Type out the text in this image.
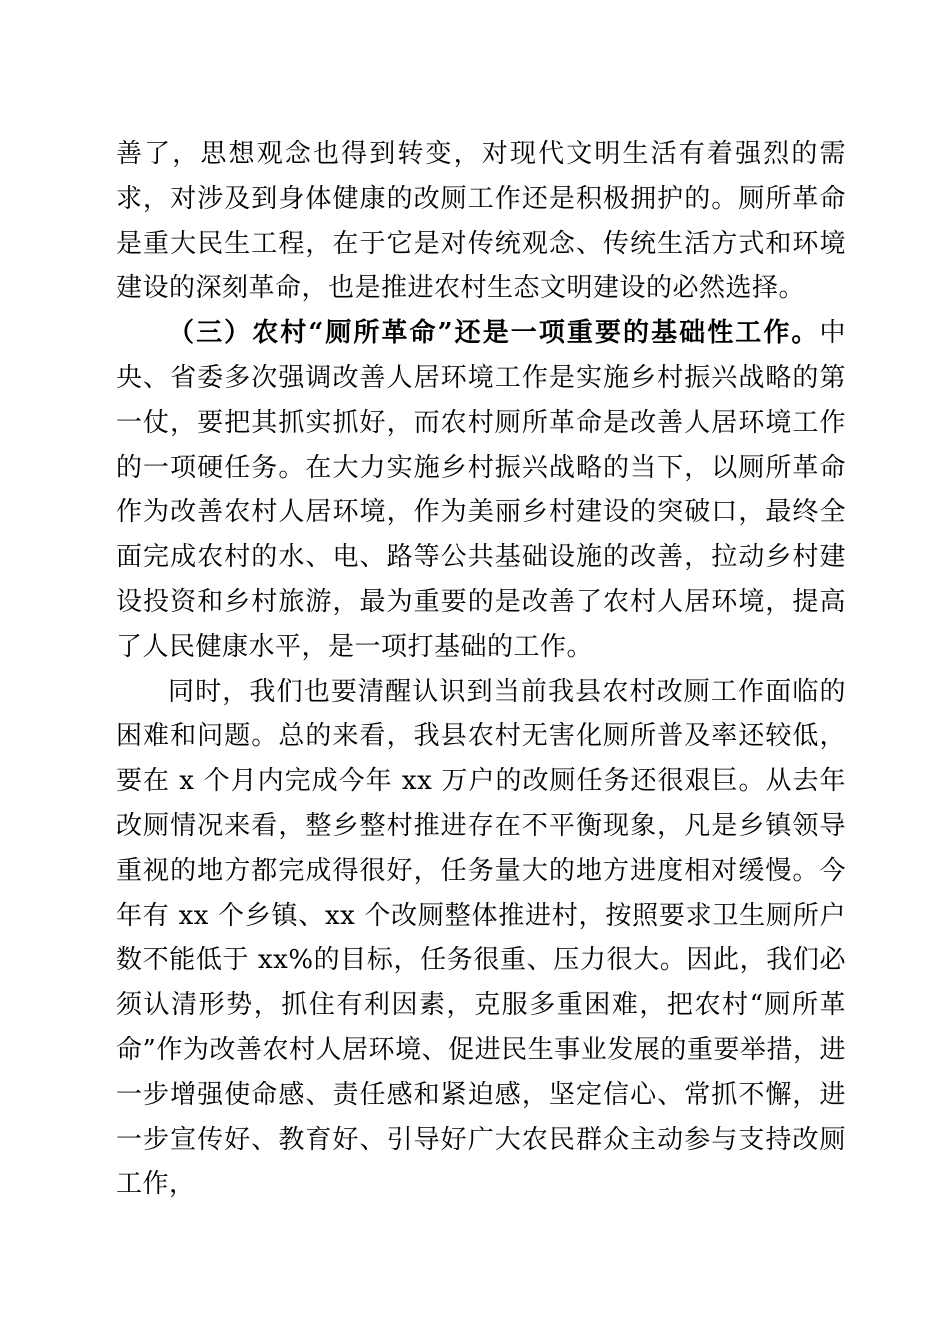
善了，思想观念也得到转变，对现代文明生活有着强烈的需求，对涉及到身体健康的改厕工作还是积极拥护的。厕所革命是重大民生工程，在于它是对传统观念、传统生活方式和环境建设的深刻革命，也是推进农村生态文明建设的必然选择。

（三）农村“厕所革命”还是一项重要的基础性工作。中央、省委多次强调改善人居环境工作是实施乡村振兴战略的第一仗，要把其抓实抓好，而农村厕所革命是改善人居环境工作的一项硬任务。在大力实施乡村振兴战略的当下，以厕所革命作为改善农村人居环境，作为美丽乡村建设的突破口，最终全面完成农村的水、电、路等公共基础设施的改善，拉动乡村建设投资和乡村旅游，最为重要的是改善了农村人居环境，提高了人民健康水平，是一项打基础的工作。

同时，我们也要清醒认识到当前我县农村改厕工作面临的困难和问题。总的来看，我县农村无害化厕所普及率还较低，要在 x 个月内完成今年 xx 万户的改厕任务还很艰巨。从去年改厕情况来看，整乡整村推进存在不平衡现象，凡是乡镇领导重视的地方都完成得很好，任务量大的地方进度相对缓慢。今年有 xx 个乡镇、xx 个改厕整体推进村，按照要求卫生厕所户数不能低于 xx%的目标，任务很重、压力很大。因此，我们必须认清形势，抓住有利因素，克服多重困难，把农村“厕所革命”作为改善农村人居环境、促进民生事业发展的重要举措，进一步增强使命感、责任感和紧迫感，坚定信心、常抓不懈，进一步宣传好、教育好、引导好广大农民群众主动参与支持改厕工作，
